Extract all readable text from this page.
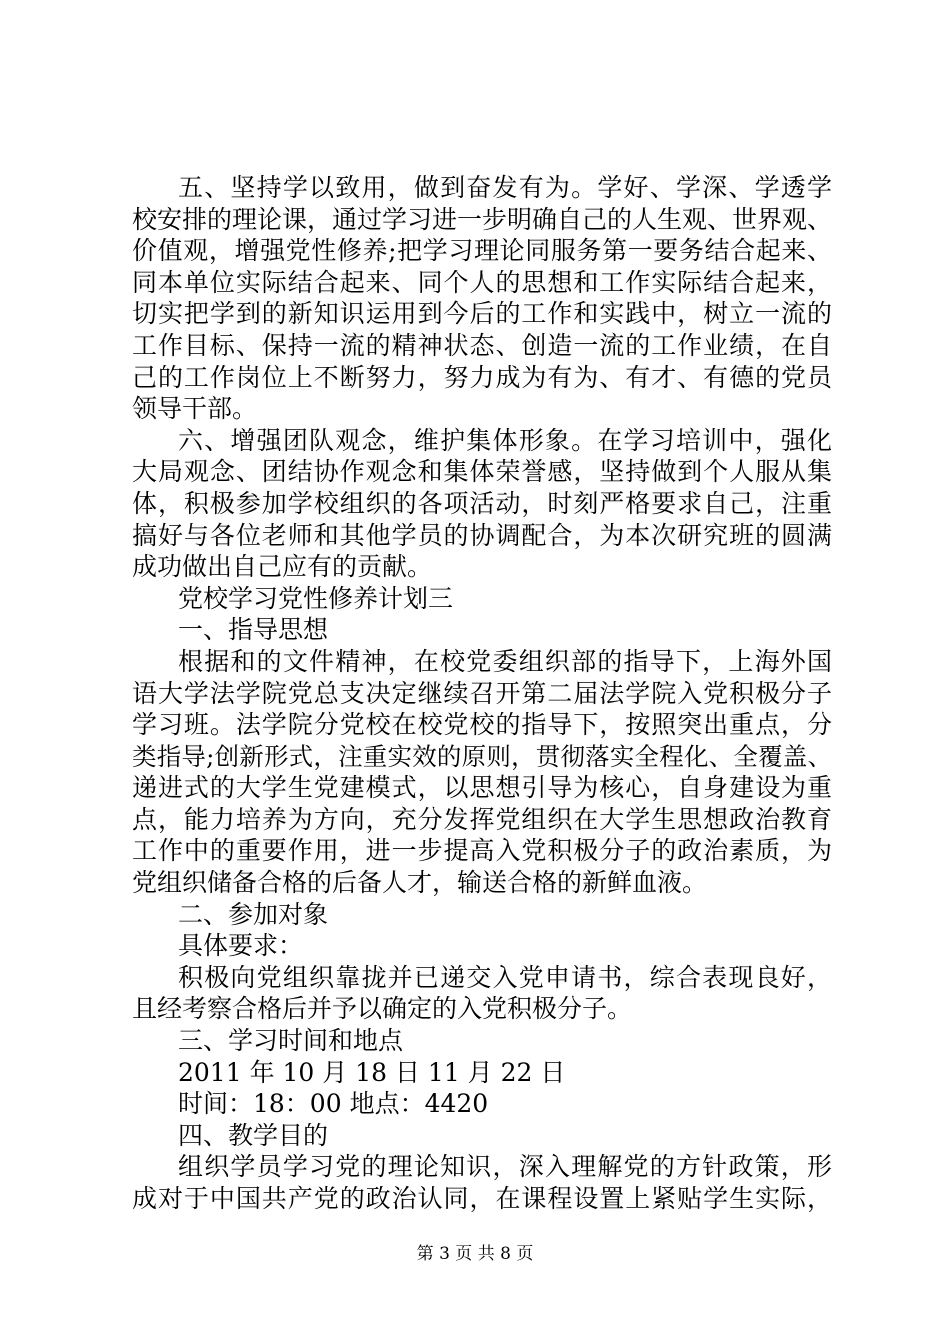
五、坚持学以致用，做到奋发有为。学好、学深、学透学
校安排的理论课，通过学习进一步明确自己的人生观、世界观、
价值观，增强党性修养;把学习理论同服务第一要务结合起来、
同本单位实际结合起来、同个人的思想和工作实际结合起来，
切实把学到的新知识运用到今后的工作和实践中，树立一流的
工作目标、保持一流的精神状态、创造一流的工作业绩，在自
己的工作岗位上不断努力，努力成为有为、有才、有德的党员
领导干部。
六、增强团队观念，维护集体形象。在学习培训中，强化
大局观念、团结协作观念和集体荣誉感，坚持做到个人服从集
体，积极参加学校组织的各项活动，时刻严格要求自己，注重
搞好与各位老师和其他学员的协调配合，为本次研究班的圆满
成功做出自己应有的贡献。
党校学习党性修养计划三
一、指导思想
根据和的文件精神，在校党委组织部的指导下，上海外国
语大学法学院党总支决定继续召开第二届法学院入党积极分子
学习班。法学院分党校在校党校的指导下，按照突出重点，分
类指导;创新形式，注重实效的原则，贯彻落实全程化、全覆盖、
递进式的大学生党建模式，以思想引导为核心，自身建设为重
点，能力培养为方向，充分发挥党组织在大学生思想政治教育
工作中的重要作用，进一步提高入党积极分子的政治素质，为
党组织储备合格的后备人才，输送合格的新鲜血液。
二、参加对象
具体要求：
积极向党组织靠拢并已递交入党申请书，综合表现良好，
且经考察合格后并予以确定的入党积极分子。
三、学习时间和地点
2011 年 10 月 18 日 11 月 22 日
时间：18：00 地点：4420
四、教学目的
组织学员学习党的理论知识，深入理解党的方针政策，形
成对于中国共产党的政治认同，在课程设置上紧贴学生实际，
第 3 页 共 8 页
